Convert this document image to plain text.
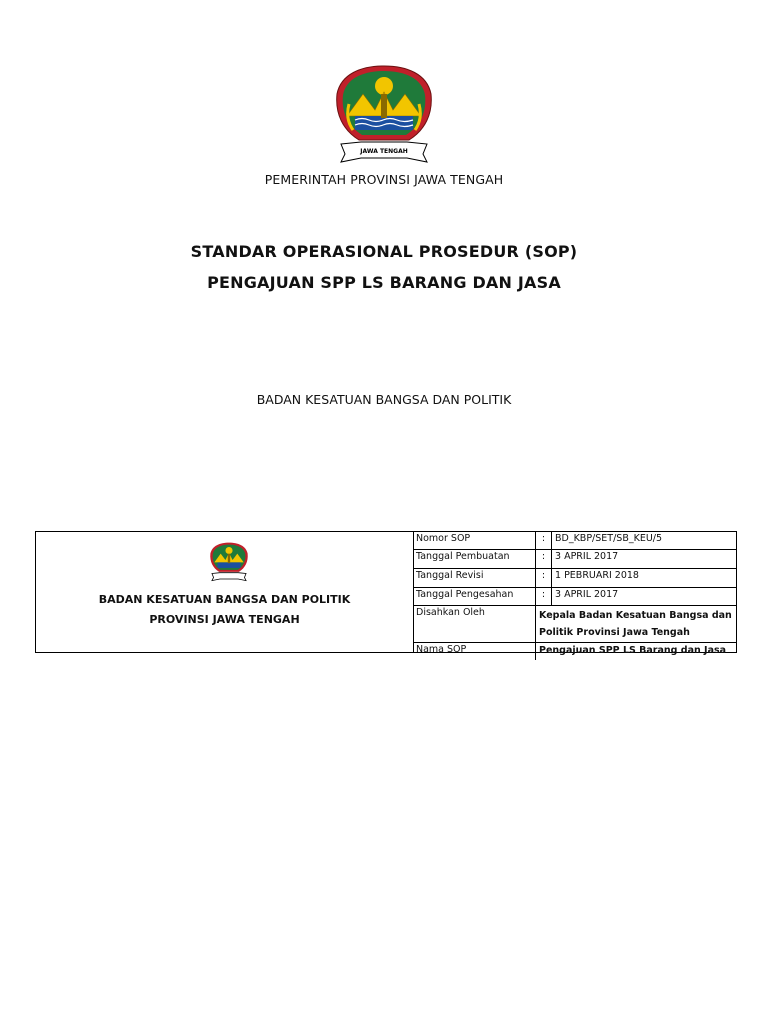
JAWA TENGAH
PEMERINTAH PROVINSI JAWA TENGAH
STANDAR OPERASIONAL PROSEDUR (SOP)
PENGAJUAN SPP LS BARANG DAN JASA
BADAN KESATUAN BANGSA DAN POLITIK
BADAN KESATUAN BANGSA DAN POLITIK
PROVINSI JAWA TENGAH
Nomor SOP	:	BD_KBP/SET/SB_KEU/5
Tanggal Pembuatan	:	3 APRIL 2017
Tanggal Revisi	:	1 PEBRUARI 2018
Tanggal Pengesahan	:	3 APRIL 2017
Disahkan Oleh	Kepala Badan Kesatuan Bangsa dan
Politik Provinsi Jawa Tengah
Nama SOP	Pengajuan SPP LS Barang dan Jasa
